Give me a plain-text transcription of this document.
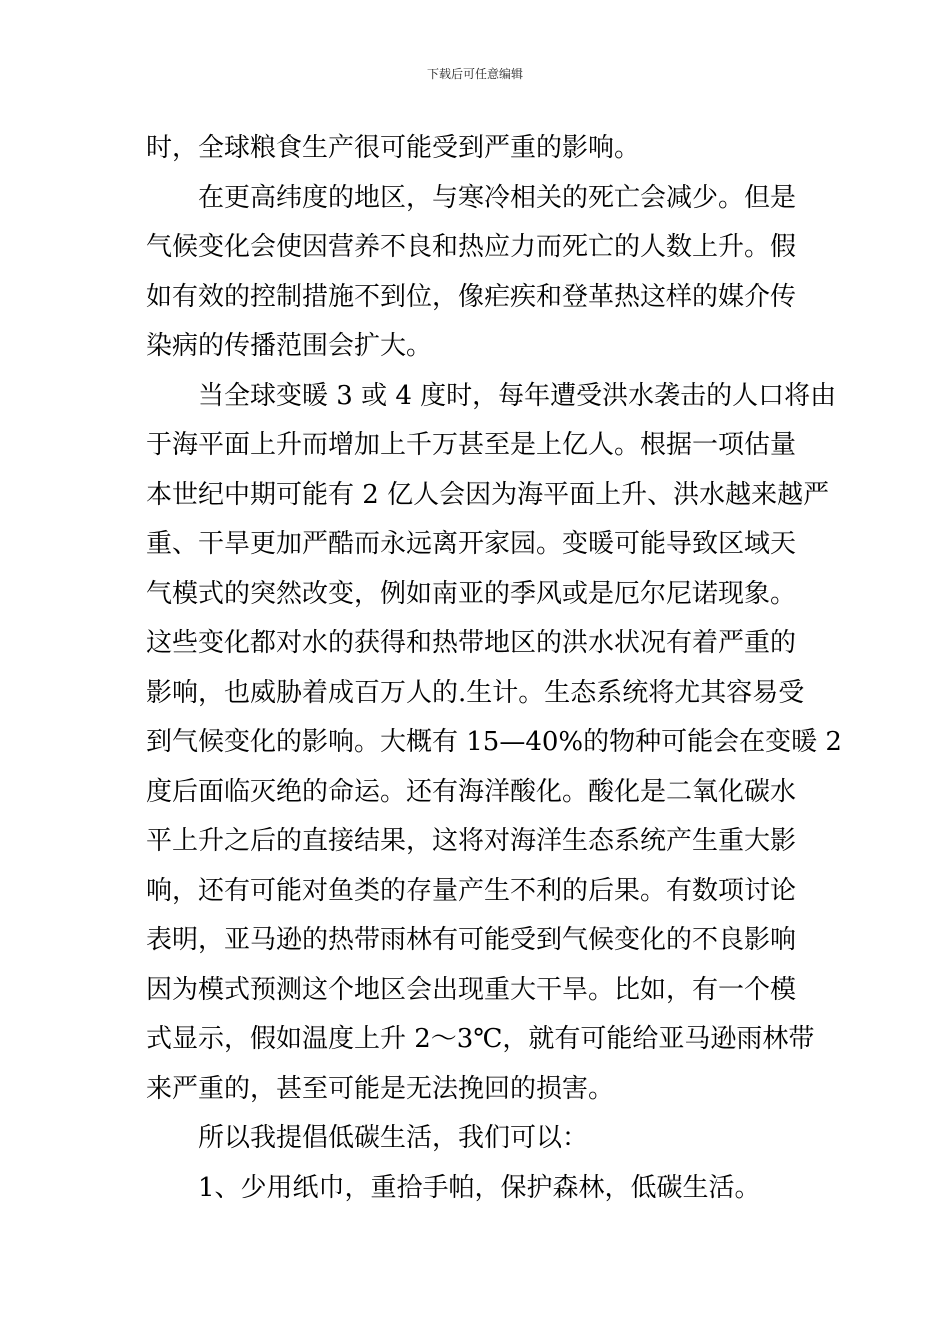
下载后可任意编辑
时，全球粮食生产很可能受到严重的影响。
在更高纬度的地区，与寒冷相关的死亡会减少。但是
气候变化会使因营养不良和热应力而死亡的人数上升。假
如有效的控制措施不到位，像疟疾和登革热这样的媒介传
染病的传播范围会扩大。
当全球变暖 3 或 4 度时，每年遭受洪水袭击的人口将由
于海平面上升而增加上千万甚至是上亿人。根据一项估量
本世纪中期可能有 2 亿人会因为海平面上升、洪水越来越严
重、干旱更加严酷而永远离开家园。变暖可能导致区域天
气模式的突然改变，例如南亚的季风或是厄尔尼诺现象。
这些变化都对水的获得和热带地区的洪水状况有着严重的
影响，也威胁着成百万人的.生计。生态系统将尤其容易受
到气候变化的影响。大概有 15—40%的物种可能会在变暖 2
度后面临灭绝的命运。还有海洋酸化。酸化是二氧化碳水
平上升之后的直接结果，这将对海洋生态系统产生重大影
响，还有可能对鱼类的存量产生不利的后果。有数项讨论
表明，亚马逊的热带雨林有可能受到气候变化的不良影响
因为模式预测这个地区会出现重大干旱。比如，有一个模
式显示，假如温度上升 2～3℃，就有可能给亚马逊雨林带
来严重的，甚至可能是无法挽回的损害。
所以我提倡低碳生活，我们可以：
1、少用纸巾，重拾手帕，保护森林，低碳生活。
